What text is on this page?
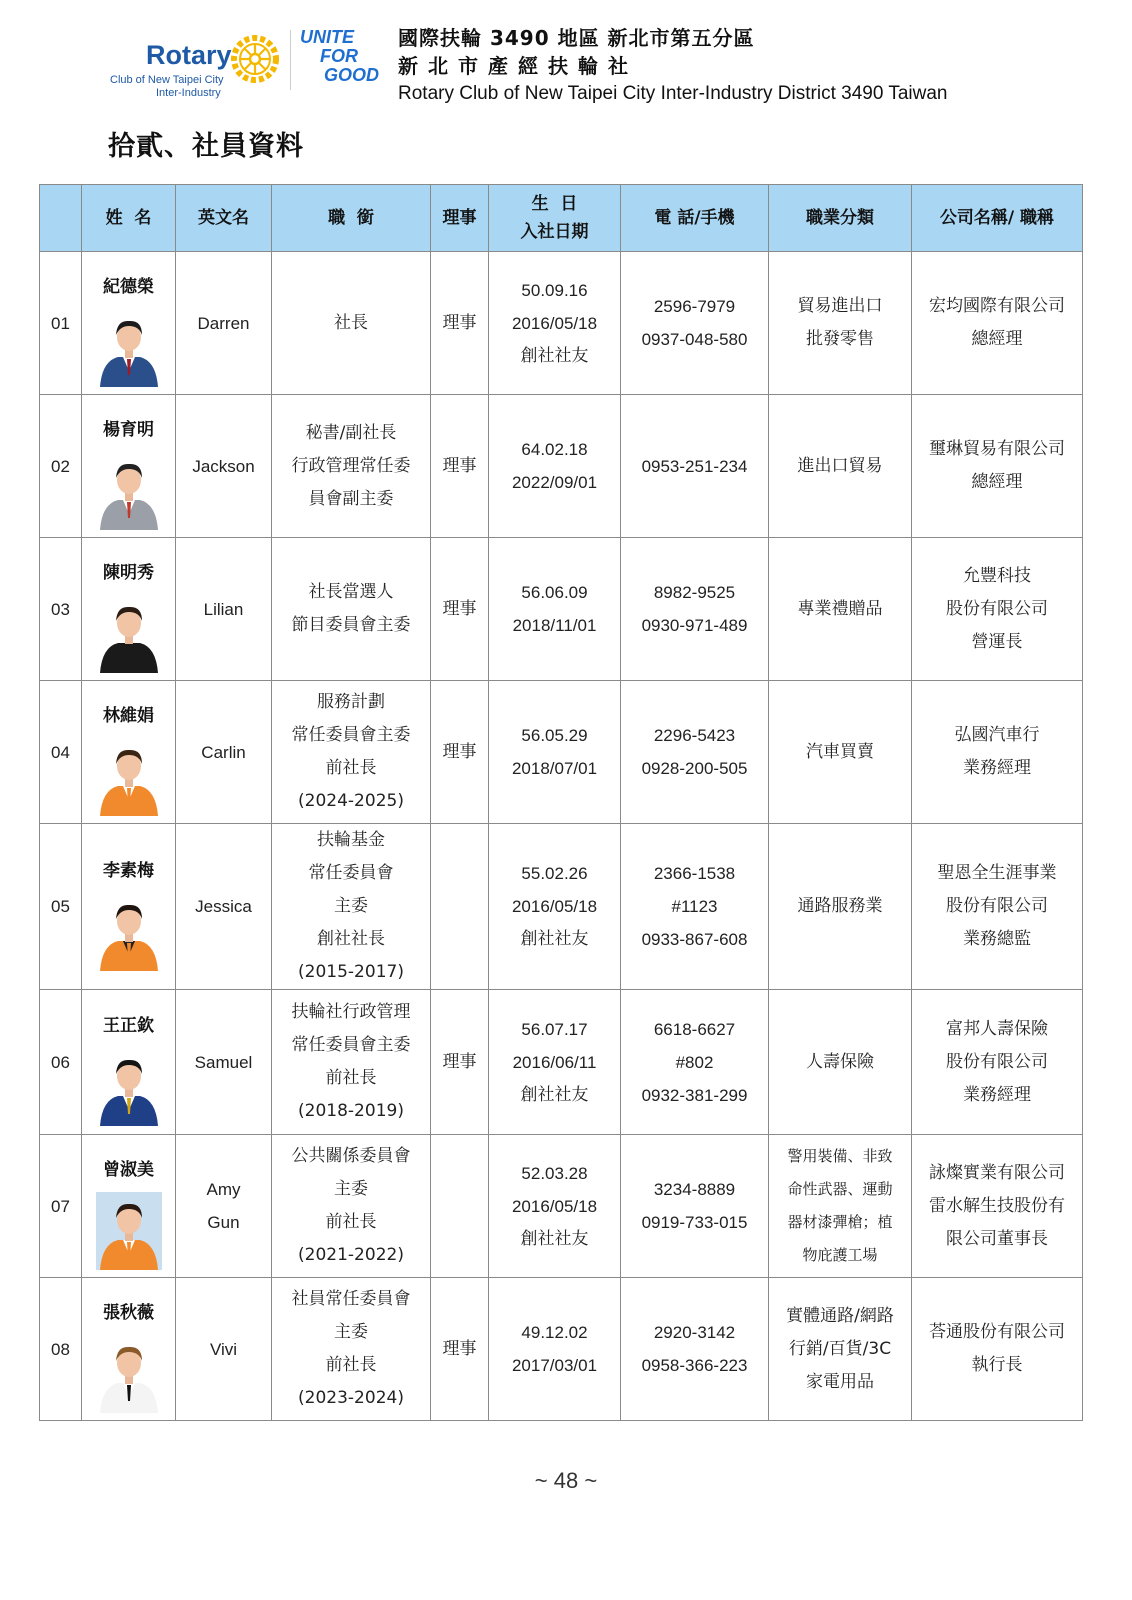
Rotary
Club of New Taipei City
Inter-Industry
UNITE
FOR
GOOD
國際扶輪 3490 地區 新北市第五分區
新北市產經扶輪社
Rotary Club of New Taipei City Inter-Industry District 3490 Taiwan
拾貳、社員資料
	姓  名	英文名	職  銜	理事	生  日
入社日期	電 話/手機	職業分類	公司名稱/ 職稱
01	紀德榮	Darren	社長	理事	50.09.16
2016/05/18
創社社友	2596-7979
0937-048-580	貿易進出口
批發零售	宏均國際有限公司
總經理

02	楊育明	Jackson	秘書/副社長
行政管理常任委
員會副主委	理事	64.02.18
2022/09/01	0953-251-234	進出口貿易	璽琳貿易有限公司
總經理

03	陳明秀	Lilian	社長當選人
節目委員會主委	理事	56.06.09
2018/11/01	8982-9525
0930-971-489	專業禮贈品	允豐科技
股份有限公司
營運長

04	林維娟	Carlin	服務計劃
常任委員會主委
前社長
(2024-2025)	理事	56.05.29
2018/07/01	2296-5423
0928-200-505	汽車買賣	弘國汽車行
業務經理

05	李素梅	Jessica	扶輪基金
常任委員會
主委
創社社長
(2015-2017)		55.02.26
2016/05/18
創社社友	2366-1538
#1123
0933-867-608	通路服務業	聖恩全生涯事業
股份有限公司
業務總監

06	王正欽	Samuel	扶輪社行政管理
常任委員會主委
前社長
(2018-2019)	理事	56.07.17
2016/06/11
創社社友	6618-6627
#802
0932-381-299	人壽保險	富邦人壽保險
股份有限公司
業務經理

07	曾淑美	Amy
Gun	公共關係委員會
主委
前社長
(2021-2022)		52.03.28
2016/05/18
創社社友	3234-8889
0919-733-015	警用裝備、非致
命性武器、運動
器材漆彈槍；植
物庇護工場	詠燦實業有限公司
雷水解生技股份有
限公司董事長

08	張秋薇	Vivi	社員常任委員會
主委
前社長
(2023-2024)	理事	49.12.02
2017/03/01	2920-3142
0958-366-223	實體通路/網路
行銷/百貨/3C
家電用品	荅通股份有限公司
執行長
~ 48 ~
